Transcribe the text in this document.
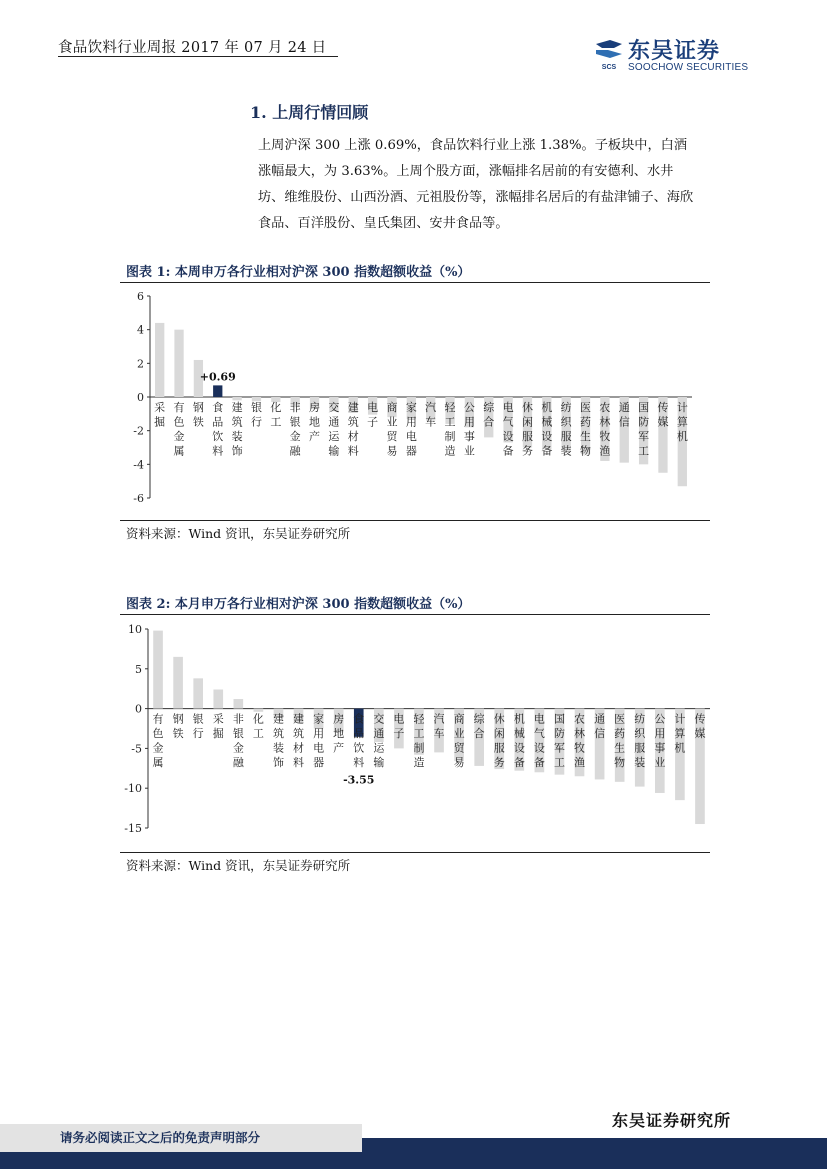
食品饮料行业周报 2017 年 07 月 24 日
SCS
东吴证券
SOOCHOW SECURITIES
1. 上周行情回顾
上周沪深 300 上涨 0.69%，食品饮料行业上涨 1.38%。子板块中，白酒涨幅最大，为 3.63%。上周个股方面，涨幅排名居前的有安德利、水井坊、维维股份、山西汾酒、元祖股份等，涨幅排名居后的有盐津铺子、海欣食品、百洋股份、皇氏集团、安井食品等。
图表 1: 本周申万各行业相对沪深 300 指数超额收益（%）
6
4
2
0
-2
-4
-6
采掘
有色金属
钢铁
食品饮料
+0.69
建筑装饰
银行
化工
非银金融
房地产
交通运输
建筑材料
电子
商业贸易
家用电器
汽车
轻工制造
公用事业
综合
电气设备
休闲服务
机械设备
纺织服装
医药生物
农林牧渔
通信
国防军工
传媒
计算机
资料来源：Wind 资讯，东吴证券研究所
图表 2: 本月申万各行业相对沪深 300 指数超额收益（%）
10
5
0
-5
-10
-15
有色金属
钢铁
银行
采掘
非银金融
化工
建筑装饰
建筑材料
家用电器
房地产
食品饮料
-3.55
交通运输
电子
轻工制造
汽车
商业贸易
综合
休闲服务
机械设备
电气设备
国防军工
农林牧渔
通信
医药生物
纺织服装
公用事业
计算机
传媒
资料来源：Wind 资讯，东吴证券研究所
东吴证券研究所
请务必阅读正文之后的免责声明部分
